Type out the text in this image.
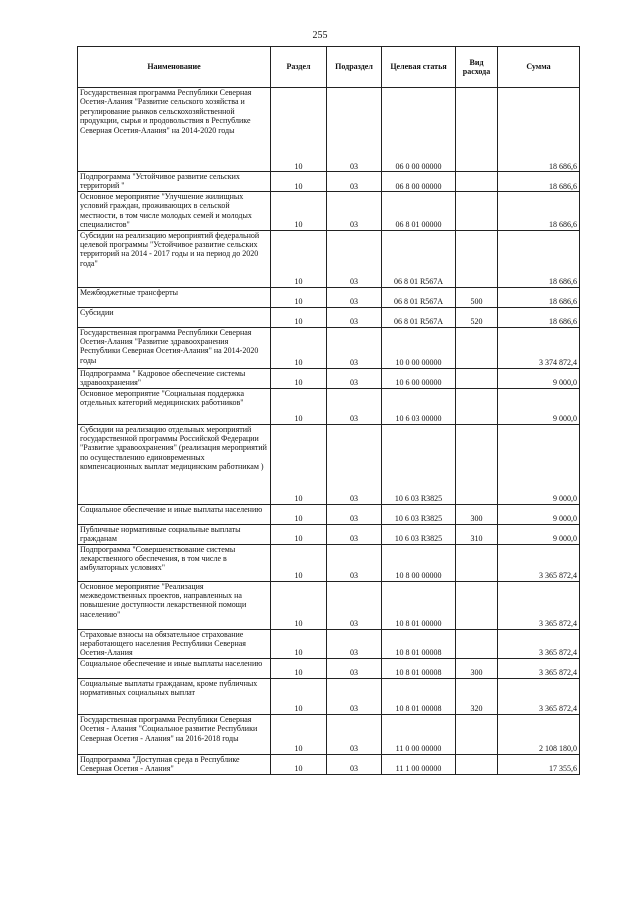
255
Наименование	Раздел	Подраздел	Целевая статья	Вид расхода	Сумма
Государственная программа Республики Северная Осетия-Алания "Развитие сельского хозяйства и регулирование рынков сельскохозяйственной продукции, сырья и продовольствия в Республике Северная Осетия-Алания" на 2014-2020 годы	10	03	06 0 00 00000		18 686,6
Подпрограмма "Устойчивое развитие сельских территорий "	10	03	06 8 00 00000		18 686,6
Основное мероприятие "Улучшение жилищных условий граждан, проживающих в сельской местности, в том числе молодых семей и молодых специалистов"	10	03	06 8 01 00000		18 686,6
Субсидии на реализацию мероприятий федеральной целевой программы "Устойчивое развитие сельских территорий на 2014 - 2017 годы и на период до 2020 года"	10	03	06 8 01 R567A		18 686,6
Межбюджетные трансферты	10	03	06 8 01 R567A	500	18 686,6
Субсидии	10	03	06 8 01 R567A	520	18 686,6
Государственная программа Республики Северная Осетия-Алания "Развитие здравоохранения Республики Северная Осетия-Алания" на 2014-2020 годы	10	03	10 0 00 00000		3 374 872,4
Подпрограмма " Кадровое обеспечение системы здравоохранения"	10	03	10 6 00 00000		9 000,0
Основное мероприятие "Социальная поддержка отдельных категорий медицинских работников"	10	03	10 6 03 00000		9 000,0
Субсидии на реализацию отдельных мероприятий государственной программы Российской Федерации "Развитие здравоохранения" (реализация мероприятий по осуществлению единовременных компенсационных выплат медицинским работникам )	10	03	10 6 03 R3825		9 000,0
Социальное обеспечение и иные выплаты населению	10	03	10 6 03 R3825	300	9 000,0
Публичные нормативные социальные выплаты гражданам	10	03	10 6 03 R3825	310	9 000,0
Подпрограмма "Совершенствование системы лекарственного обеспечения, в том числе в амбулаторных условиях"	10	03	10 8 00 00000		3 365 872,4
Основное мероприятие "Реализация межведомственных проектов, направленных на повышение доступности лекарственной помощи населению"	10	03	10 8 01 00000		3 365 872,4
Страховые взносы на обязательное страхование неработающего населения Республики Северная Осетия-Алания	10	03	10 8 01 00008		3 365 872,4
Социальное обеспечение и иные выплаты населению	10	03	10 8 01 00008	300	3 365 872,4
Социальные выплаты гражданам, кроме публичных нормативных социальных выплат	10	03	10 8 01 00008	320	3 365 872,4
Государственная программа Республики Северная Осетия - Алания "Социальное развитие Республики Северная Осетия - Алания" на 2016-2018 годы	10	03	11 0 00 00000		2 108 180,0
Подпрограмма "Доступная среда в Республике Северная Осетия - Алания"	10	03	11 1 00 00000		17 355,6
